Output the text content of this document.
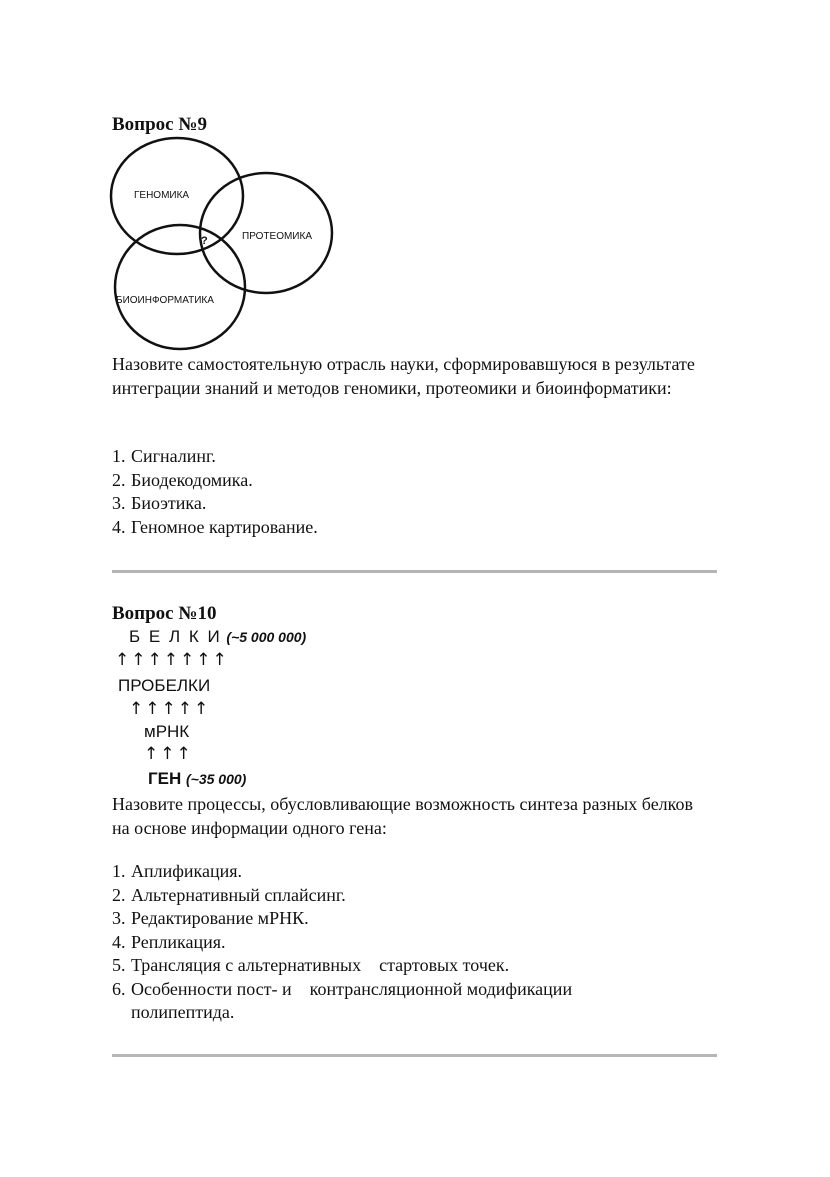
Вопрос №9
ГЕНОМИКА
ПРОТЕОМИКА
БИОИНФОРМАТИКА
?
Назовите самостоятельную отрасль науки, сформировавшуюся в результате интеграции знаний и методов геномики, протеомики и биоинформатики:
1. Сигналинг.
2. Биодекодомика.
3. Биоэтика.
4. Геномное картирование.
Вопрос №10
Б Е Л К И (~5 000 000)
↑↑↑↑↑↑↑
ПРОБЕЛКИ
↑↑↑↑↑
мРНК
↑↑↑
ГЕН (~35 000)
Назовите процессы, обусловливающие возможность синтеза разных белков на основе информации одного гена:
1. Аплификация.
2. Альтернативный сплайсинг.
3. Редактирование мРНК.
4. Репликация.
5. Трансляция с альтернативных    стартовых точек.
6. Особенности пост- и    контрансляционной модификации
полипептида.
